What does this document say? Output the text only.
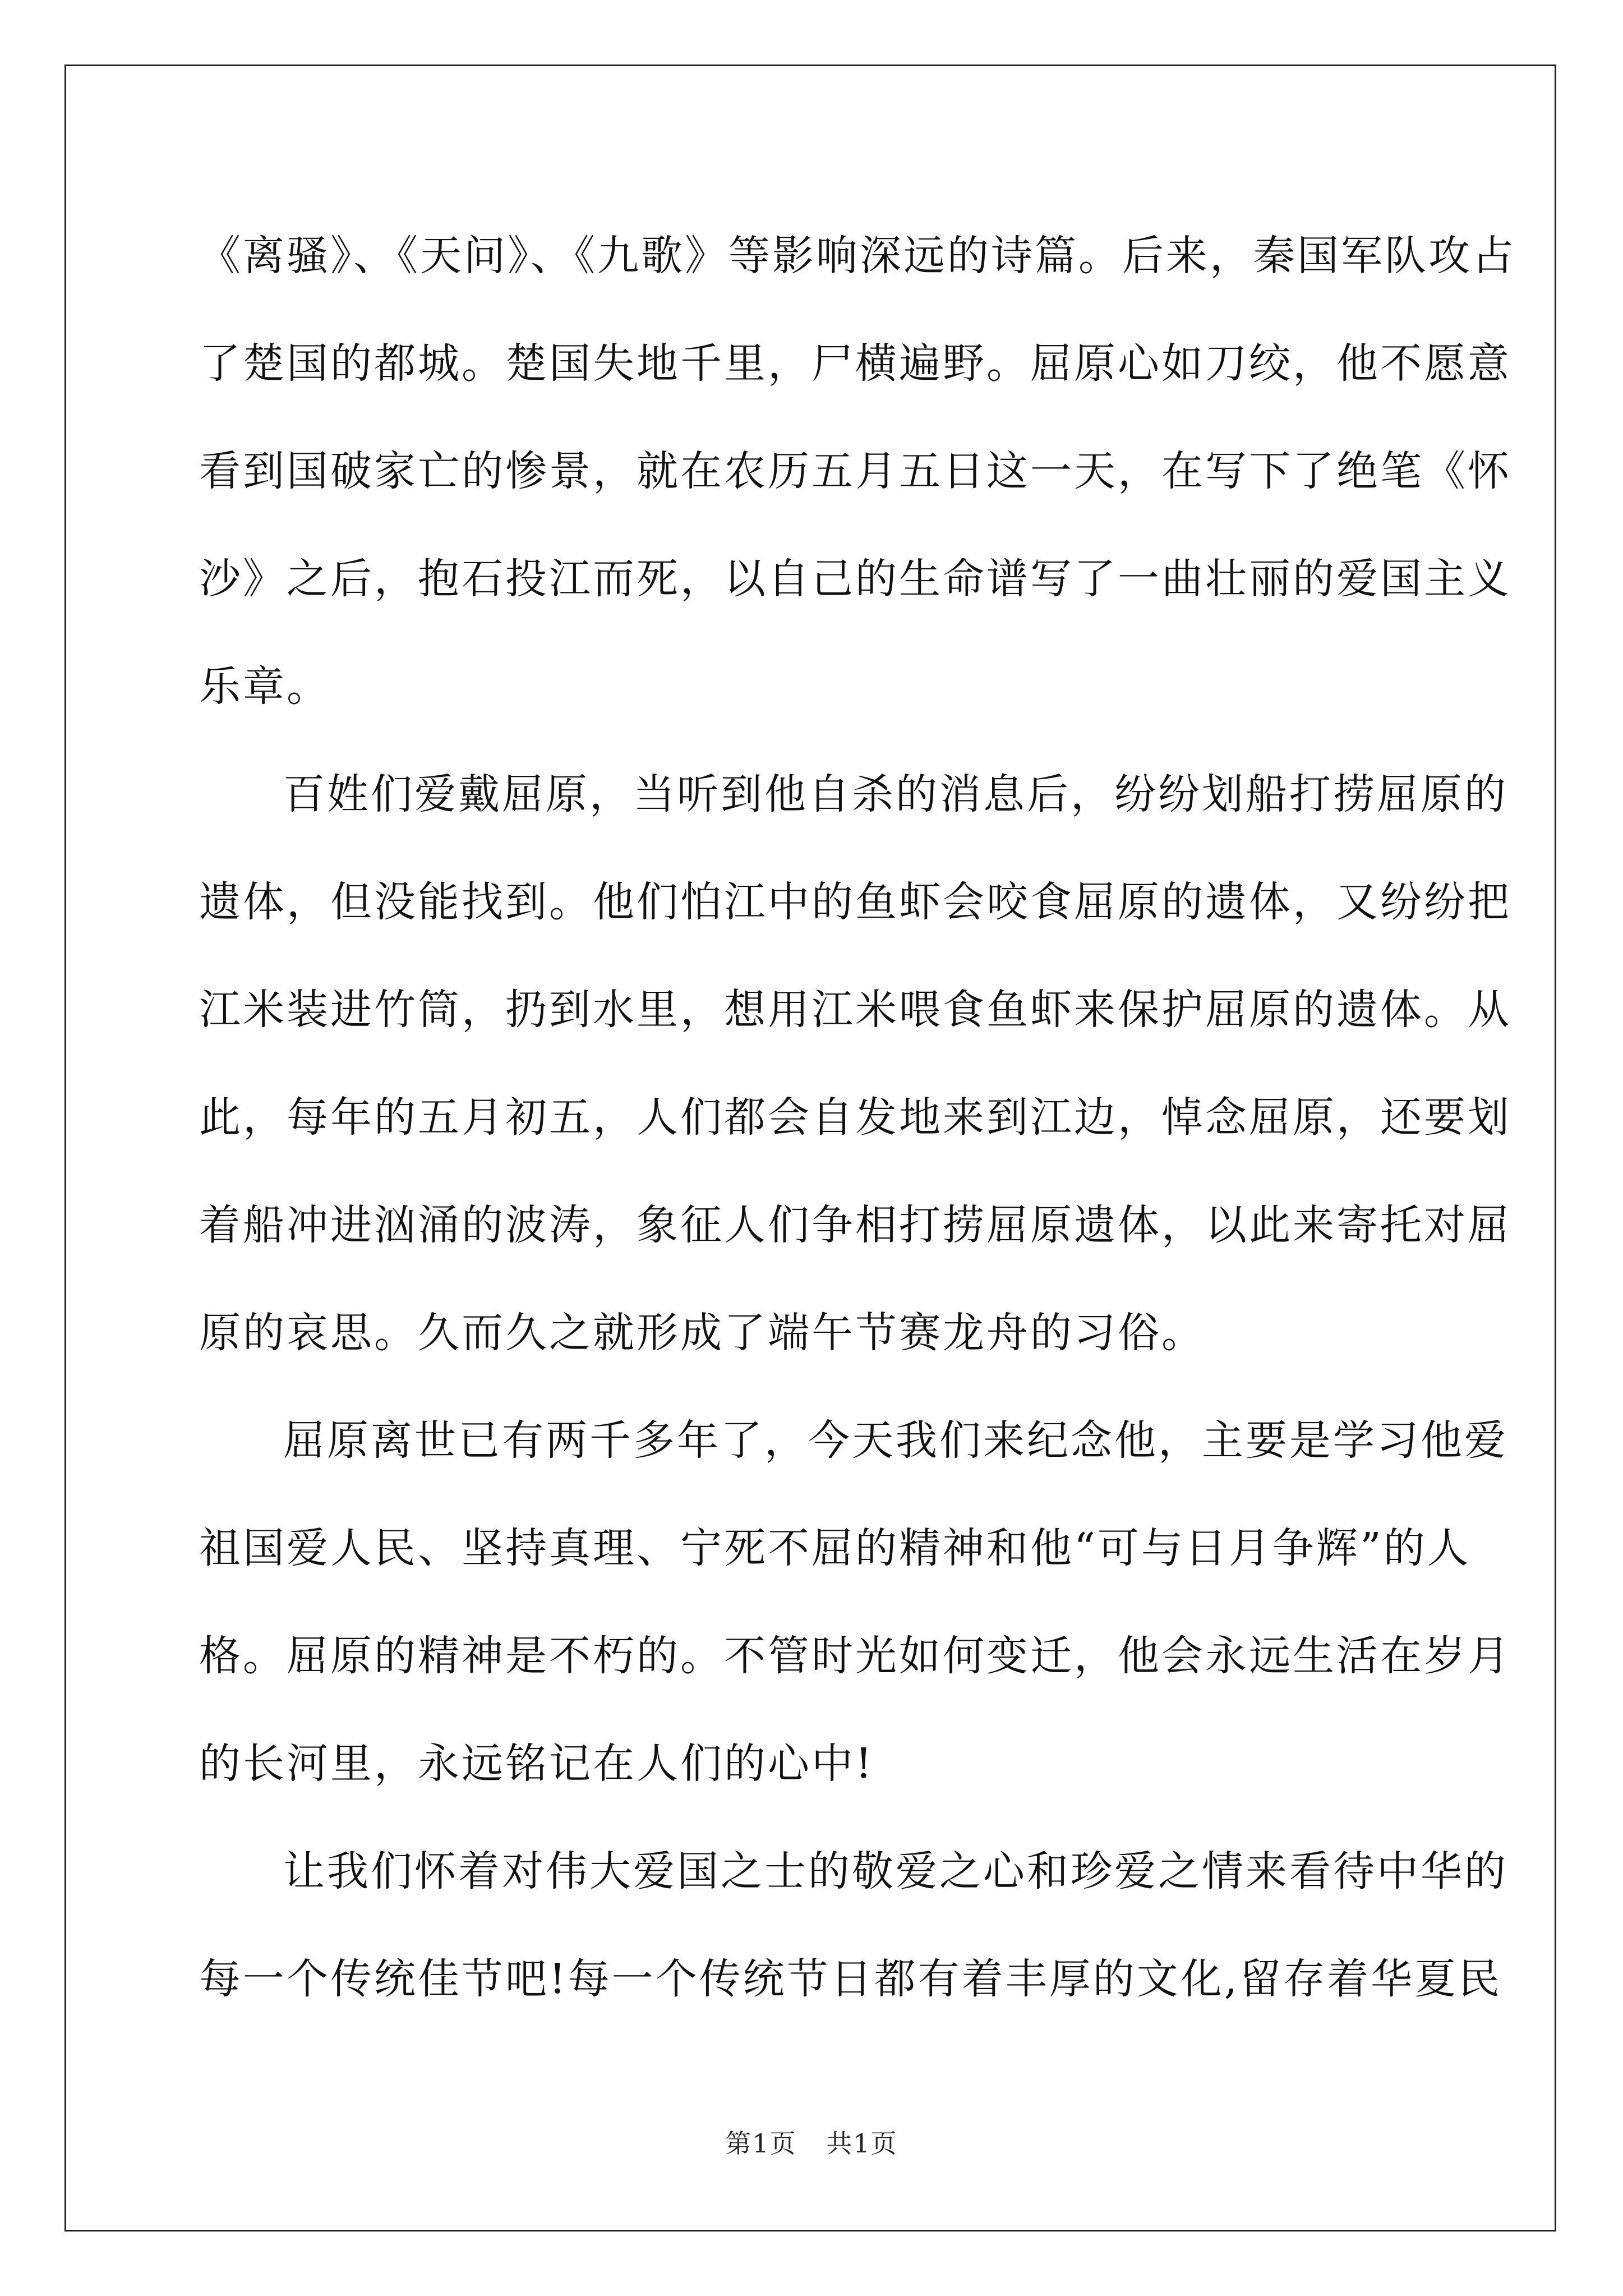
《离骚》、《天问》、《九歌》等影响深远的诗篇。后来，秦国军队攻占
了楚国的都城。楚国失地千里，尸横遍野。屈原心如刀绞，他不愿意
看到国破家亡的惨景，就在农历五月五日这一天，在写下了绝笔《怀
沙》之后，抱石投江而死，以自己的生命谱写了一曲壮丽的爱国主义
乐章。
百姓们爱戴屈原，当听到他自杀的消息后，纷纷划船打捞屈原的
遗体，但没能找到。他们怕江中的鱼虾会咬食屈原的遗体，又纷纷把
江米装进竹筒，扔到水里，想用江米喂食鱼虾来保护屈原的遗体。从
此，每年的五月初五，人们都会自发地来到江边，悼念屈原，还要划
着船冲进汹涌的波涛，象征人们争相打捞屈原遗体，以此来寄托对屈
原的哀思。久而久之就形成了端午节赛龙舟的习俗。
屈原离世已有两千多年了，今天我们来纪念他，主要是学习他爱
祖国爱人民、坚持真理、宁死不屈的精神和他“可与日月争辉”的人
格。屈原的精神是不朽的。不管时光如何变迁，他会永远生活在岁月
的长河里，永远铭记在人们的心中!
让我们怀着对伟大爱国之士的敬爱之心和珍爱之情来看待中华的
每一个传统佳节吧!每一个传统节日都有着丰厚的文化,留存着华夏民
第1页 共1页
